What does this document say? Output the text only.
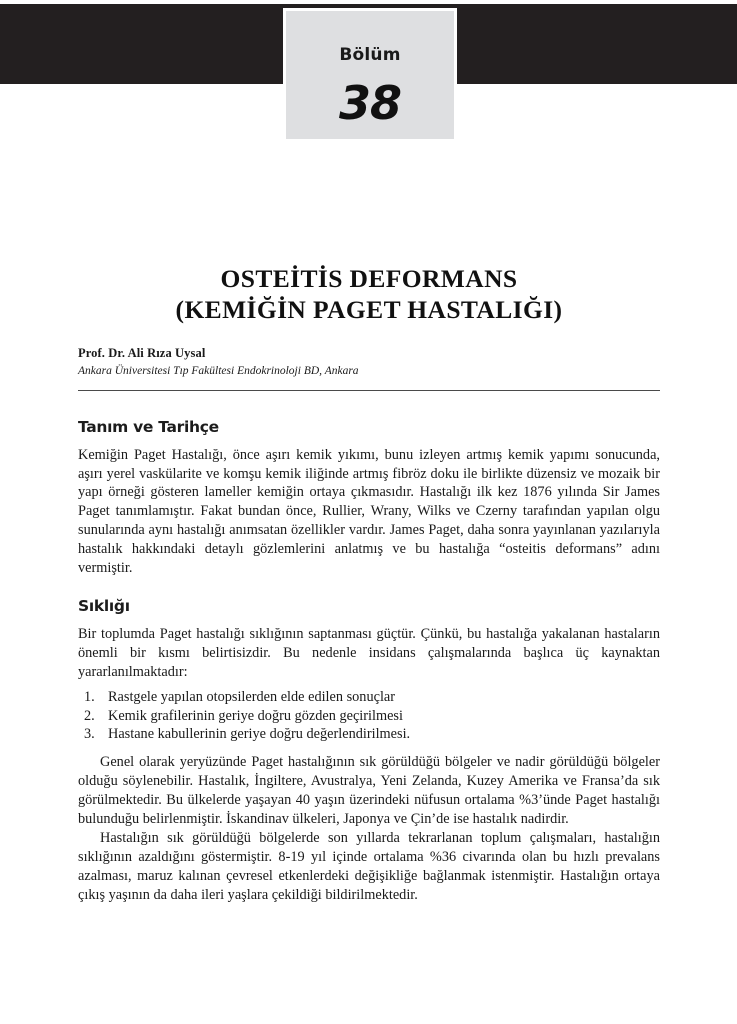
Bölüm
38
OSTEİTİS DEFORMANS
(KEMİĞİN PAGET HASTALIĞI)
Prof. Dr. Ali Rıza Uysal
Ankara Üniversitesi Tıp Fakültesi Endokrinoloji BD, Ankara
Tanım ve Tarihçe

Kemiğin Paget Hastalığı, önce aşırı kemik yıkımı, bunu izleyen artmış kemik yapımı sonucunda, aşırı yerel vaskülarite ve komşu kemik iliğinde artmış fibröz doku ile birlikte düzensiz ve mozaik bir yapı örneği gösteren lameller kemiğin ortaya çıkmasıdır. Hastalığı ilk kez 1876 yılında Sir James Paget tanımlamıştır. Fakat bundan önce, Rullier, Wrany, Wilks ve Czerny tarafından yapılan olgu sunularında aynı hastalığı anımsatan özellikler vardır. James Paget, daha sonra yayınlanan yazılarıyla hastalık hakkındaki detaylı gözlemlerini anlatmış ve bu hastalığa “osteitis deformans” adını vermiştir.

Sıklığı

Bir toplumda Paget hastalığı sıklığının saptanması güçtür. Çünkü, bu hastalığa yakalanan hastaların önemli bir kısmı belirtisizdir. Bu nedenle insidans çalışmalarında başlıca üç kaynaktan yararlanılmaktadır:

Rastgele yapılan otopsilerden elde edilen sonuçlar
Kemik grafilerinin geriye doğru gözden geçirilmesi
Hastane kabullerinin geriye doğru değerlendirilmesi.

Genel olarak yeryüzünde Paget hastalığının sık görüldüğü bölgeler ve nadir görüldüğü bölgeler olduğu söylenebilir. Hastalık, İngiltere, Avustralya, Yeni Zelanda, Kuzey Amerika ve Fransa’da sık görülmektedir. Bu ülkelerde yaşayan 40 yaşın üzerindeki nüfusun ortalama %3’ünde Paget hastalığı bulunduğu belirlenmiştir. İskandinav ülkeleri, Japonya ve Çin’de ise hastalık nadirdir.

Hastalığın sık görüldüğü bölgelerde son yıllarda tekrarlanan toplum çalışmaları, hastalığın sıklığının azaldığını göstermiştir. 8-19 yıl içinde ortalama %36 civarında olan bu hızlı prevalans azalması, maruz kalınan çevresel etkenlerdeki değişikliğe bağlanmak istenmiştir. Hastalığın ortaya çıkış yaşının da daha ileri yaşlara çekildiği bildirilmektedir.
